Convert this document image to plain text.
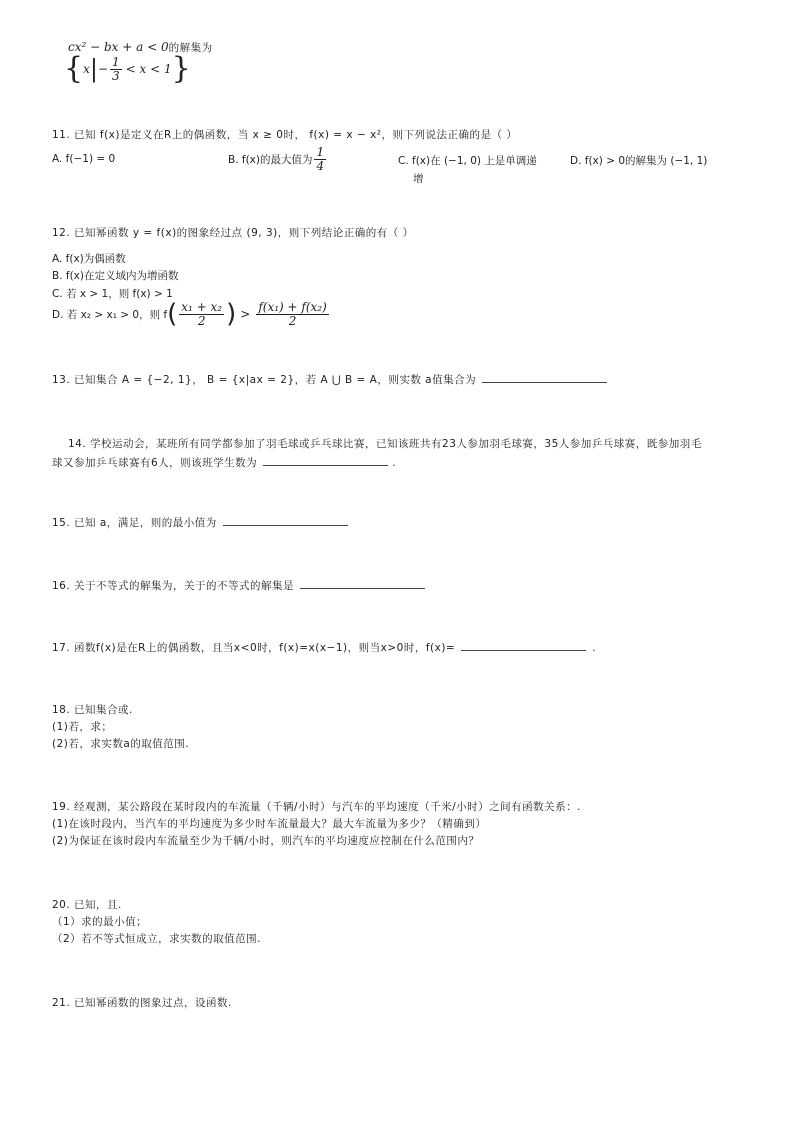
cx² − bx + a < 0的解集为
{ x | − $\frac{1}{3} < x < 1$ }
11. 已知 f(x)是定义在R上的偶函数，当 x ≥ 0时， f(x) = x − x²，则下列说法正确的是（ ）
A. f(−1) = 0	B. f(x)的最大值为 $\frac{1}{4}$	C. f(x)在 (−1, 0) 上是单调递
增
D. f(x) > 0的解集为 (−1, 1)
12. 已知幂函数 y = f(x)的图象经过点 (9, 3)，则下列结论正确的有（ ）
A. f(x)为偶函数
B. f(x)在定义域内为增函数
C. 若 x > 1，则 f(x) > 1
D. 若 x₂ > x₁ > 0，则 f ( $\frac{\text{x₁ + x₂}}{2}$ ) > $\frac{\text{f(x₁) + f(x₂)}}{2}$
13. 已知集合 A = {−2, 1}， B = {x|ax = 2}，若 A ⋃ B = A，则实数 a值集合为
14. 学校运动会，某班所有同学都参加了羽毛球或乒乓球比赛，已知该班共有23人参加羽毛球赛，35人参加乒乓球赛，既参加羽毛
球又参加乒乓球赛有6人，则该班学生数为	.
15. 已知 a，满足，则的最小值为
16. 关于不等式的解集为，关于的不等式的解集是
17. 函数f(x)是在R上的偶函数，且当x<0时，f(x)=x(x−1)，则当x>0时，f(x)=	.
18. 已知集合或.
(1)若，求；
(2)若，求实数a的取值范围.
19. 经观测，某公路段在某时段内的车流量（千辆/小时）与汽车的平均速度（千米/小时）之间有函数关系：.
(1)在该时段内，当汽车的平均速度为多少时车流量最大？最大车流量为多少？（精确到）
(2)为保证在该时段内车流量至少为千辆/小时，则汽车的平均速度应控制在什么范围内？
20. 已知，且.
（1）求的最小值；
（2）若不等式恒成立，求实数的取值范围.
21. 已知幂函数的图象过点，设函数.
